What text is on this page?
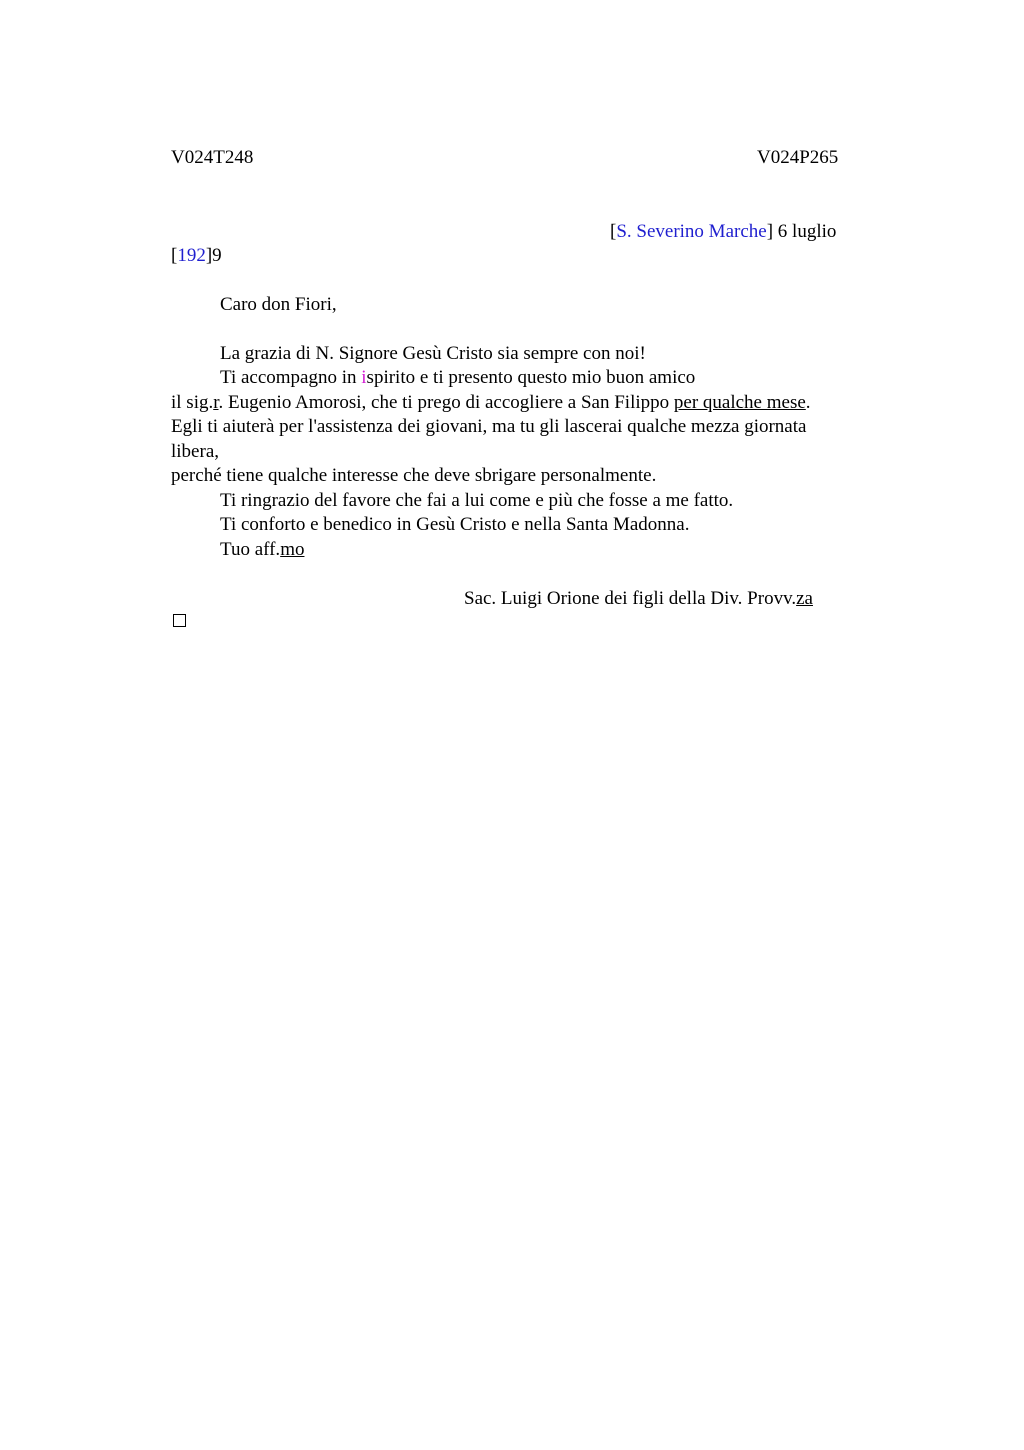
V024T248	V024P265
[S. Severino Marche] 6 luglio
[192]9
Caro don Fiori,
La grazia di N. Signore Gesù Cristo sia sempre con noi!
Ti accompagno in ispirito e ti presento questo mio buon amico
il sig.r. Eugenio Amorosi, che ti prego di accogliere a San Filippo per qualche mese.
Egli ti aiuterà per l'assistenza dei giovani, ma tu gli lascerai qualche mezza giornata
libera,
perché tiene qualche interesse che deve sbrigare personalmente.
Ti ringrazio del favore che fai a lui come e più che fosse a me fatto.
Ti conforto e benedico in Gesù Cristo e nella Santa Madonna.
Tuo aff.mo
Sac. Luigi Orione dei figli della Div. Provv.za
